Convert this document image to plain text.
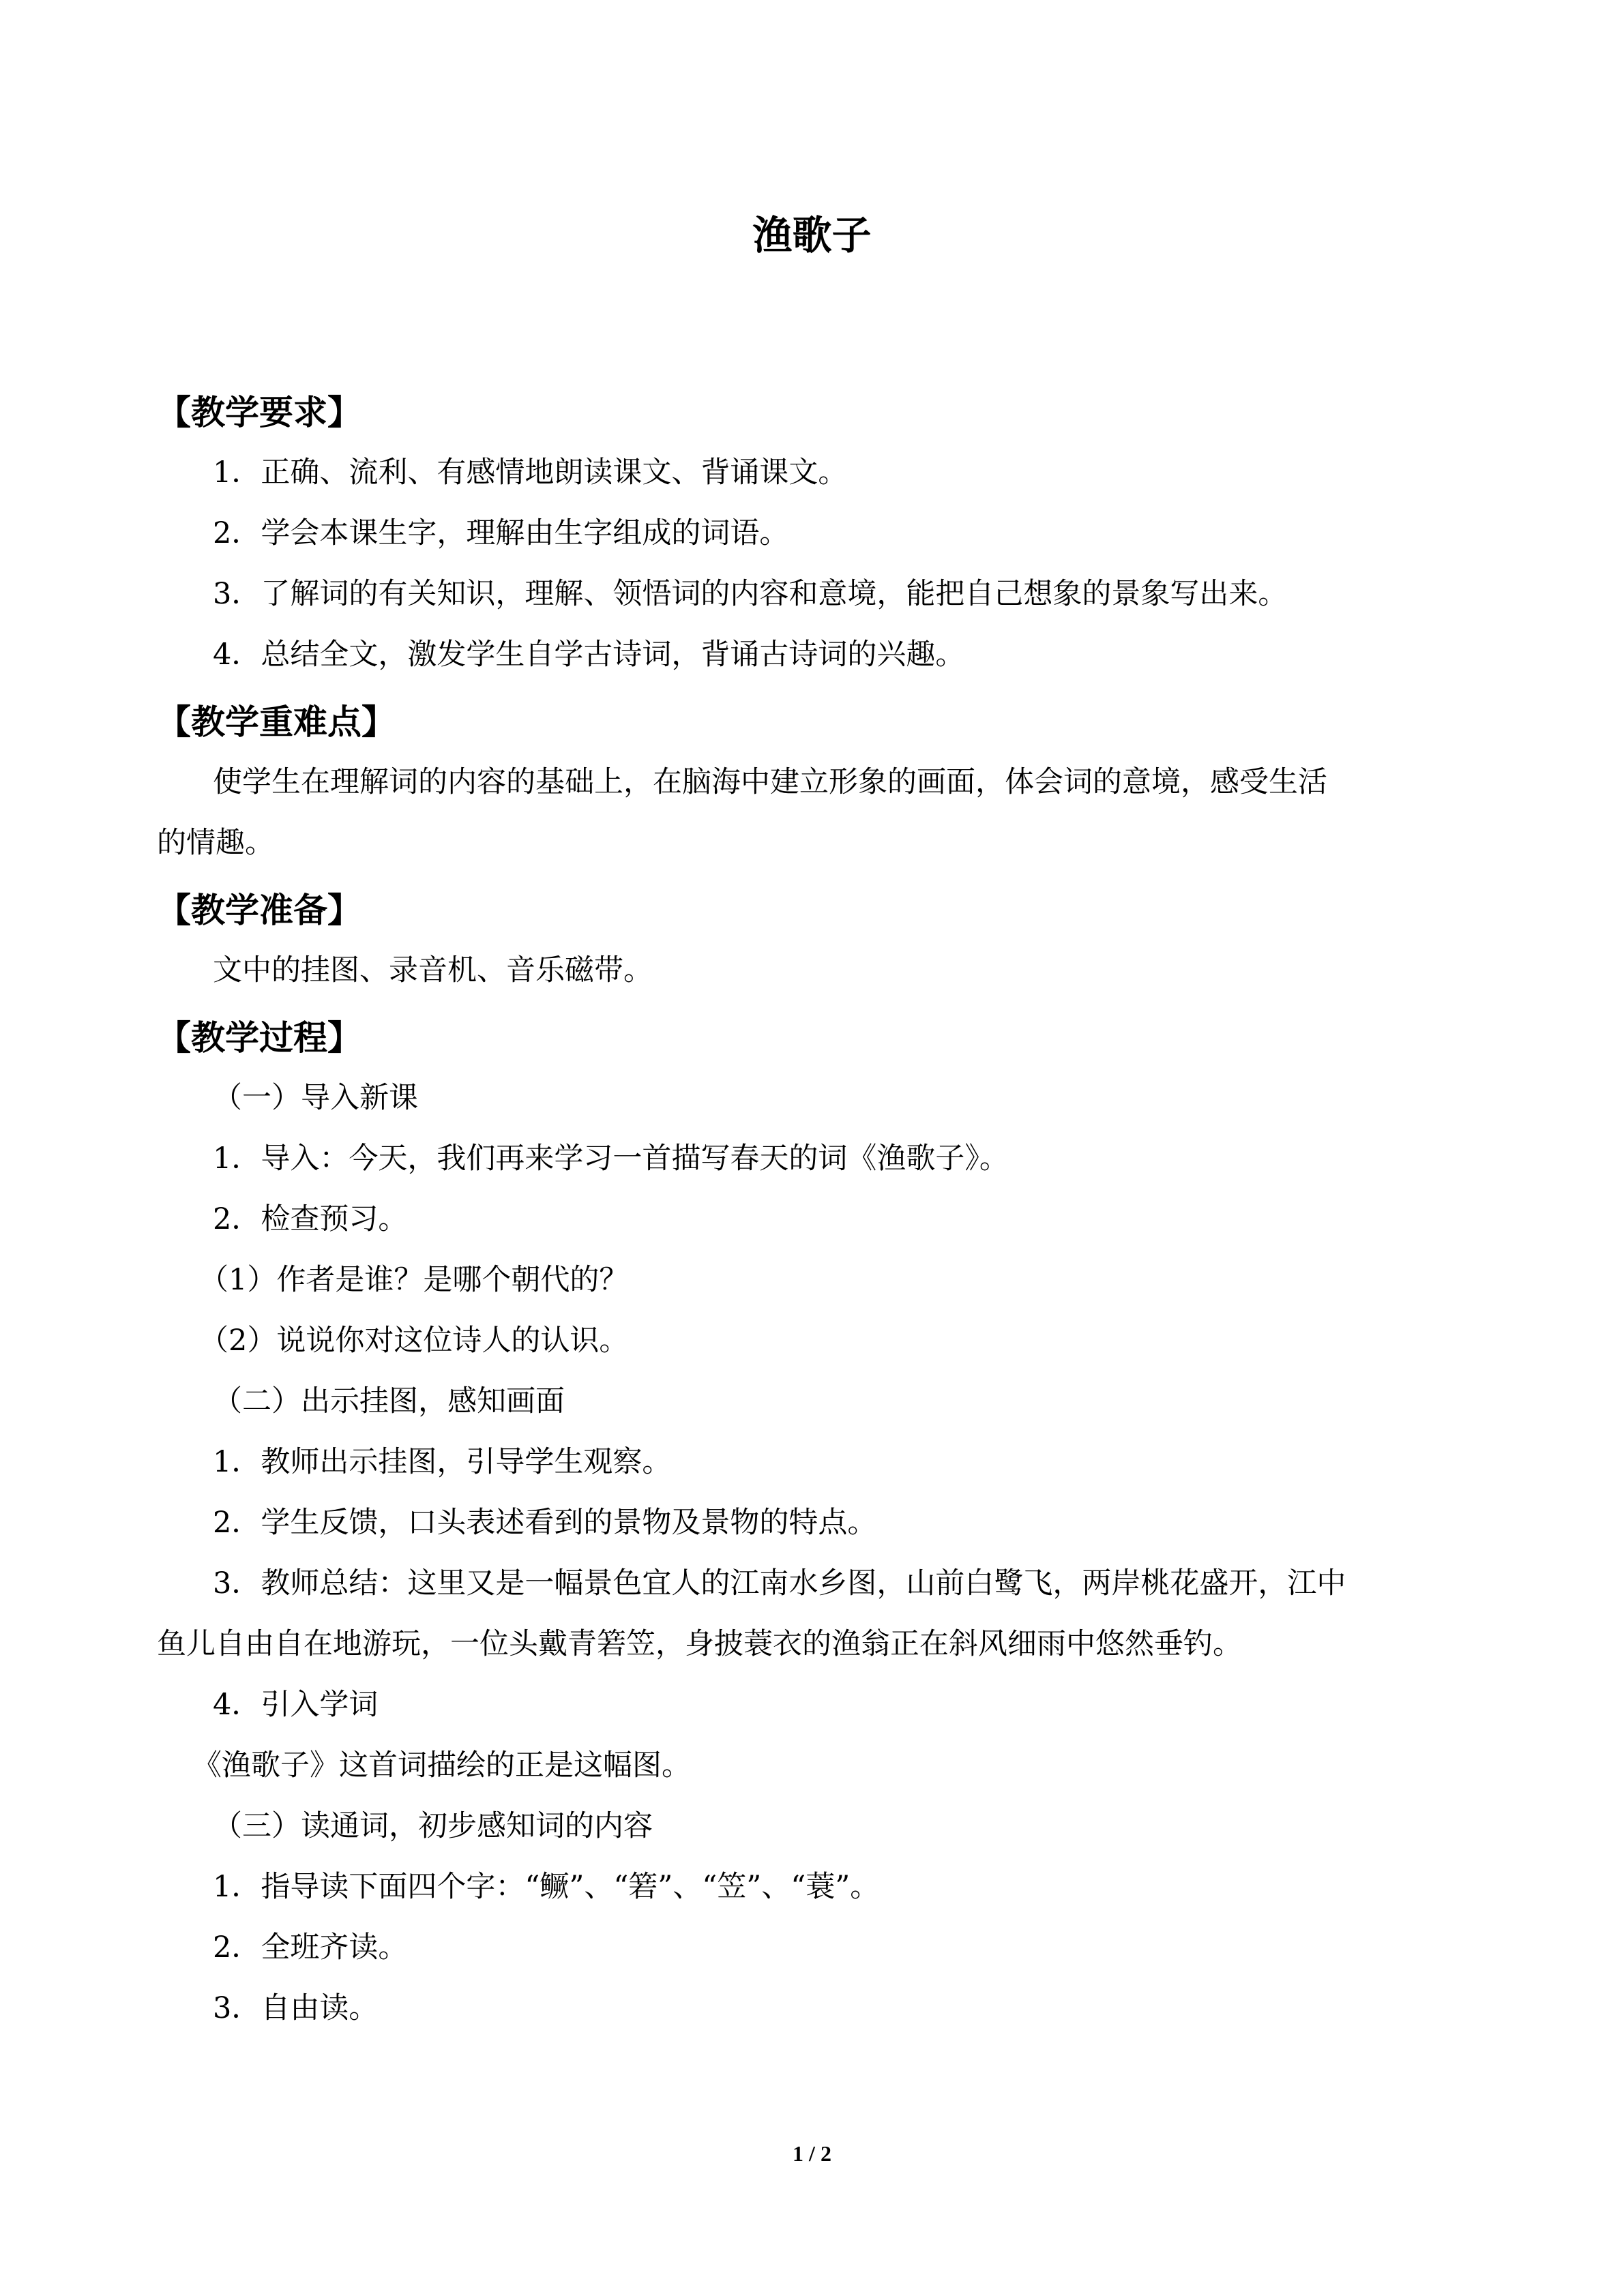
渔歌子
【教学要求】
1．正确、流利、有感情地朗读课文、背诵课文。
2．学会本课生字，理解由生字组成的词语。
3．了解词的有关知识，理解、领悟词的内容和意境，能把自己想象的景象写出来。
4．总结全文，激发学生自学古诗词，背诵古诗词的兴趣。
【教学重难点】
使学生在理解词的内容的基础上，在脑海中建立形象的画面，体会词的意境，感受生活
的情趣。
【教学准备】
文中的挂图、录音机、音乐磁带。
【教学过程】
（一）导入新课
1．导入：今天，我们再来学习一首描写春天的词《渔歌子》。
2．检查预习。
（1）作者是谁？是哪个朝代的？
（2）说说你对这位诗人的认识。
（二）出示挂图，感知画面
1．教师出示挂图，引导学生观察。
2．学生反馈，口头表述看到的景物及景物的特点。
3．教师总结：这里又是一幅景色宜人的江南水乡图，山前白鹭飞，两岸桃花盛开，江中
鱼儿自由自在地游玩，一位头戴青箬笠，身披蓑衣的渔翁正在斜风细雨中悠然垂钓。
4．引入学词
《渔歌子》这首词描绘的正是这幅图。
（三）读通词，初步感知词的内容
1．指导读下面四个字：“鳜”、“箬”、“笠”、“蓑”。
2．全班齐读。
3．自由读。
1 / 2
